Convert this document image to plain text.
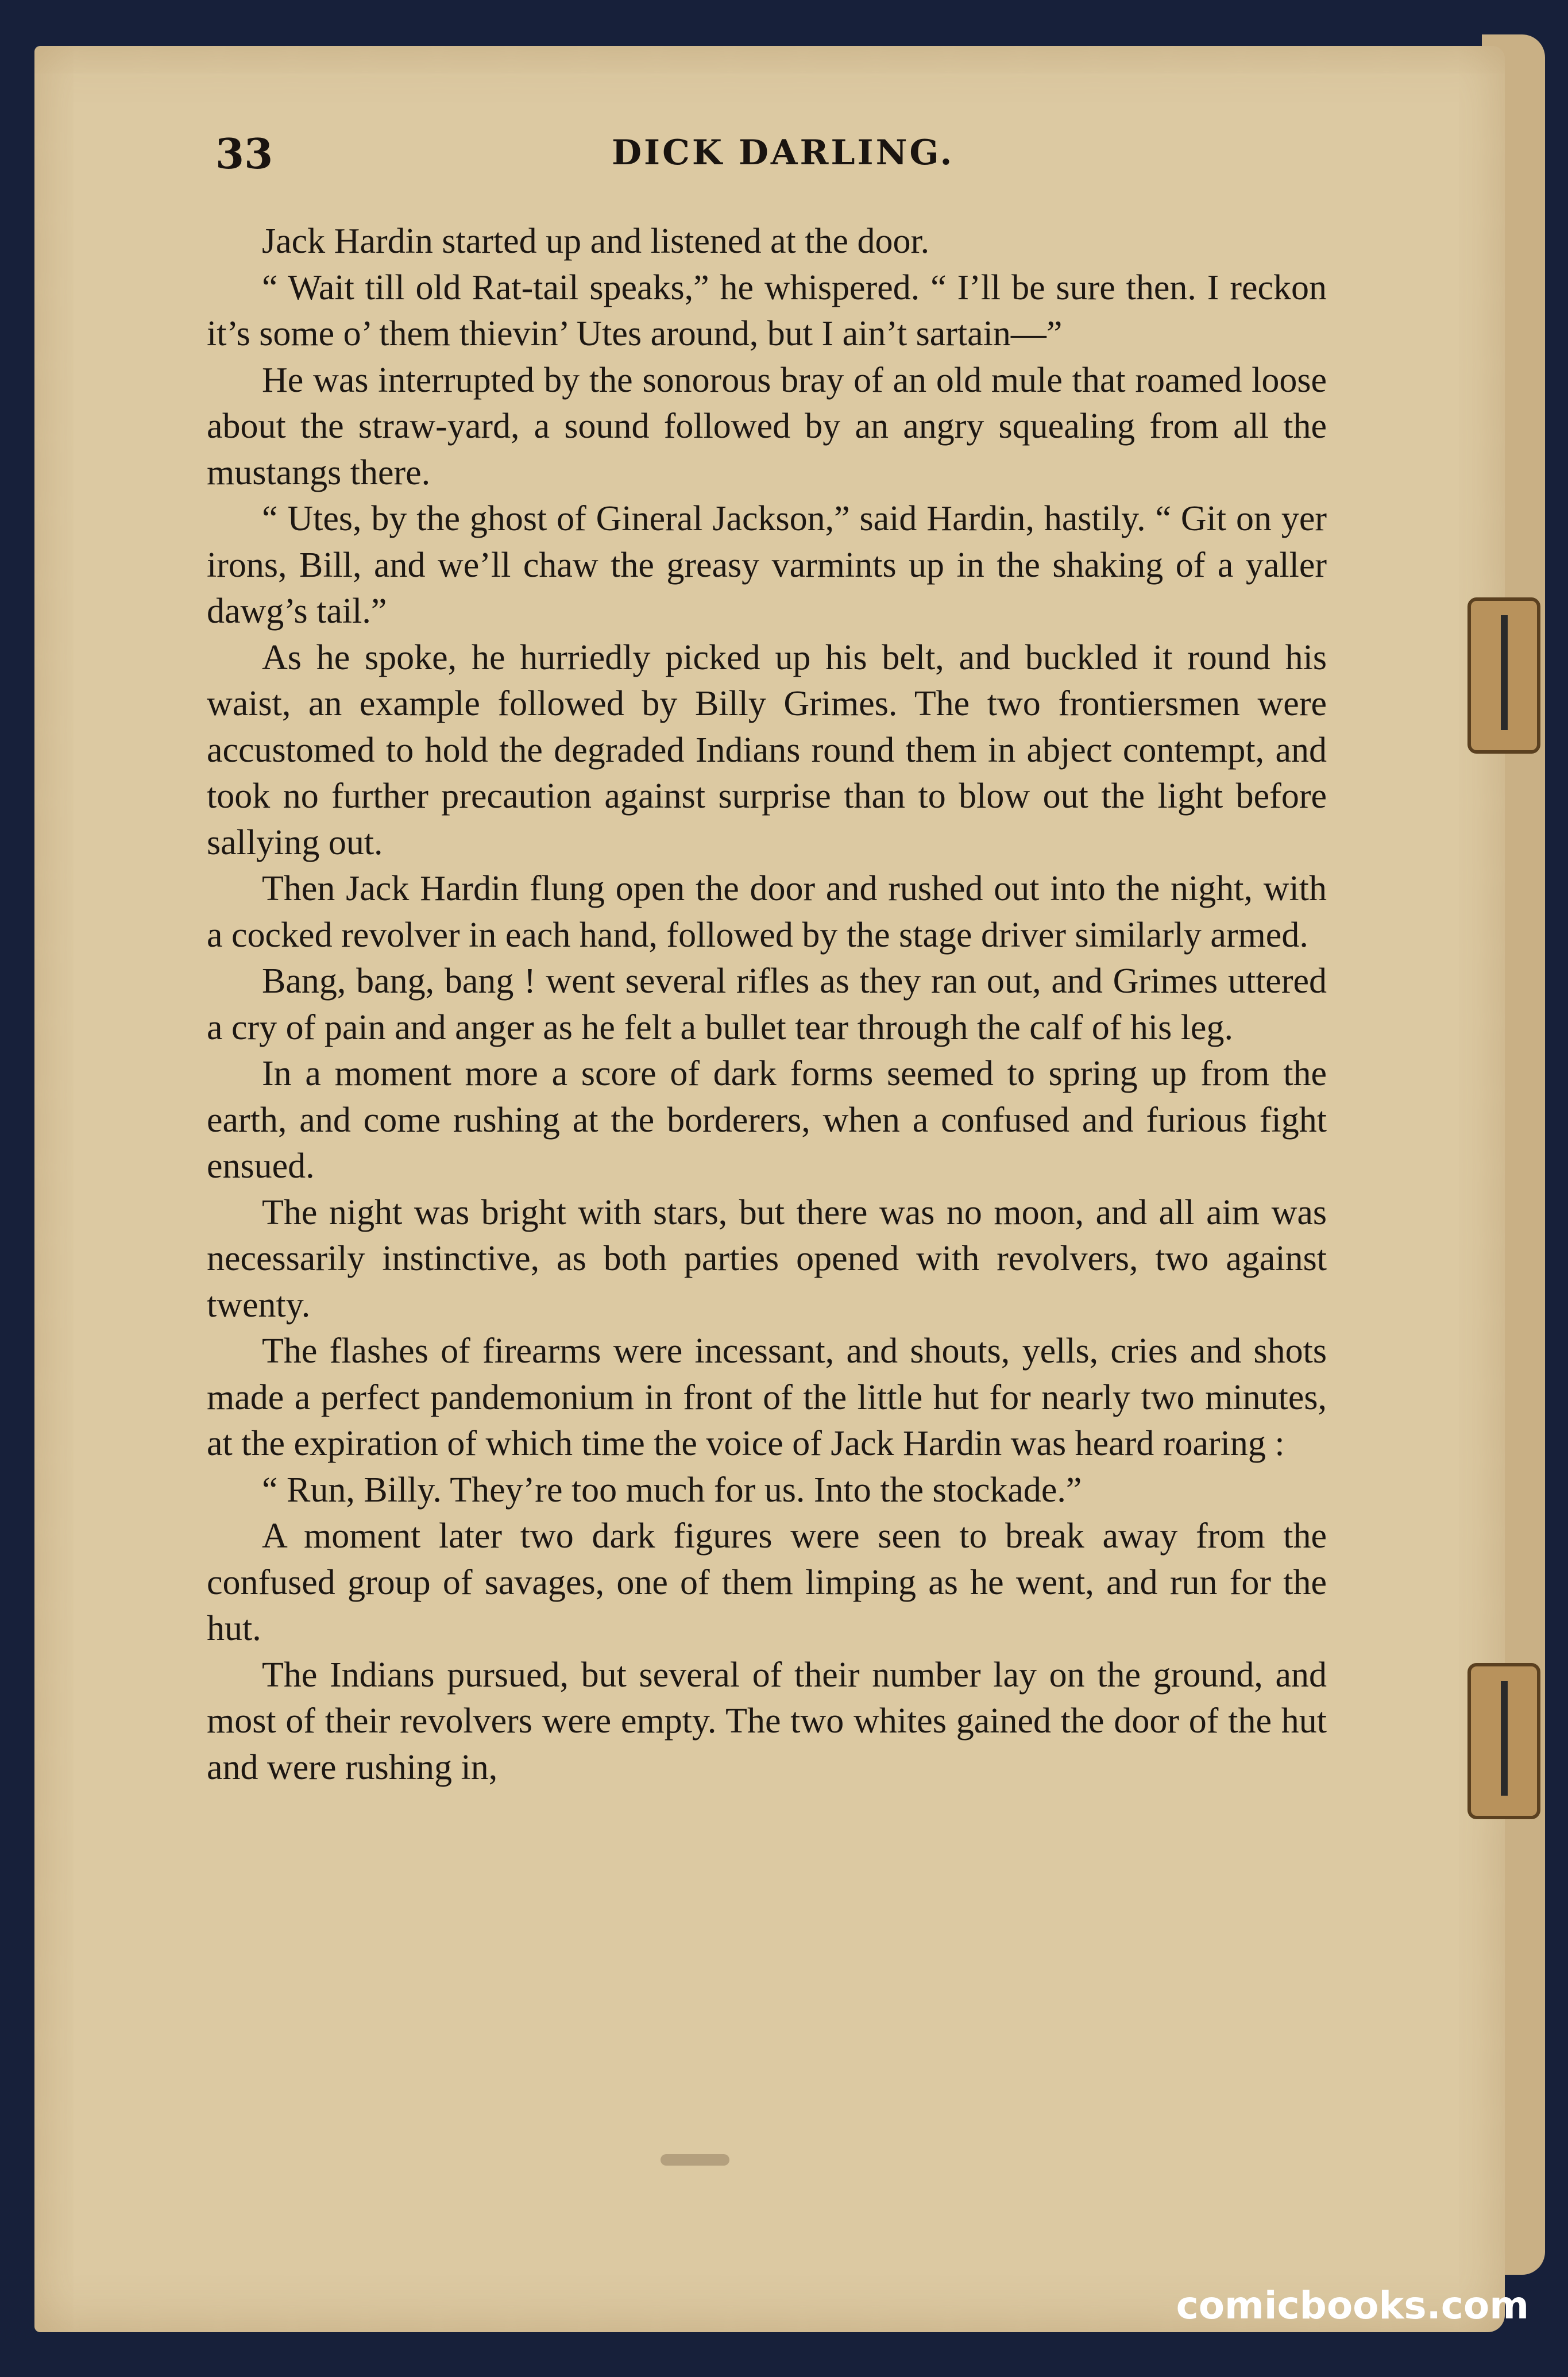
33	DICK DARLING.

Jack Hardin started up and listened at the door.

“ Wait till old Rat-tail speaks,” he whispered. “ I’ll be sure then. I reckon it’s some o’ them thievin’ Utes around, but I ain’t sartain—”

He was interrupted by the sonorous bray of an old mule that roamed loose about the straw-yard, a sound followed by an angry squealing from all the mustangs there.

“ Utes, by the ghost of Gineral Jackson,” said Hardin, hastily. “ Git on yer irons, Bill, and we’ll chaw the greasy varmints up in the shaking of a yaller dawg’s tail.”

As he spoke, he hurriedly picked up his belt, and buckled it round his waist, an example followed by Billy Grimes. The two frontiersmen were accustomed to hold the degraded Indians round them in abject contempt, and took no further precaution against surprise than to blow out the light before sallying out.

Then Jack Hardin flung open the door and rushed out into the night, with a cocked revolver in each hand, followed by the stage driver similarly armed.

Bang, bang, bang ! went several rifles as they ran out, and Grimes uttered a cry of pain and anger as he felt a bullet tear through the calf of his leg.

In a moment more a score of dark forms seemed to spring up from the earth, and come rushing at the borderers, when a confused and furious fight ensued.

The night was bright with stars, but there was no moon, and all aim was necessarily instinctive, as both parties opened with revolvers, two against twenty.

The flashes of firearms were incessant, and shouts, yells, cries and shots made a perfect pandemonium in front of the little hut for nearly two minutes, at the expiration of which time the voice of Jack Hardin was heard roaring :

“ Run, Billy. They’re too much for us. Into the stockade.”

A moment later two dark figures were seen to break away from the confused group of savages, one of them limping as he went, and run for the hut.

The Indians pursued, but several of their number lay on the ground, and most of their revolvers were empty. The two whites gained the door of the hut and were rushing in,

comicbooks.com
